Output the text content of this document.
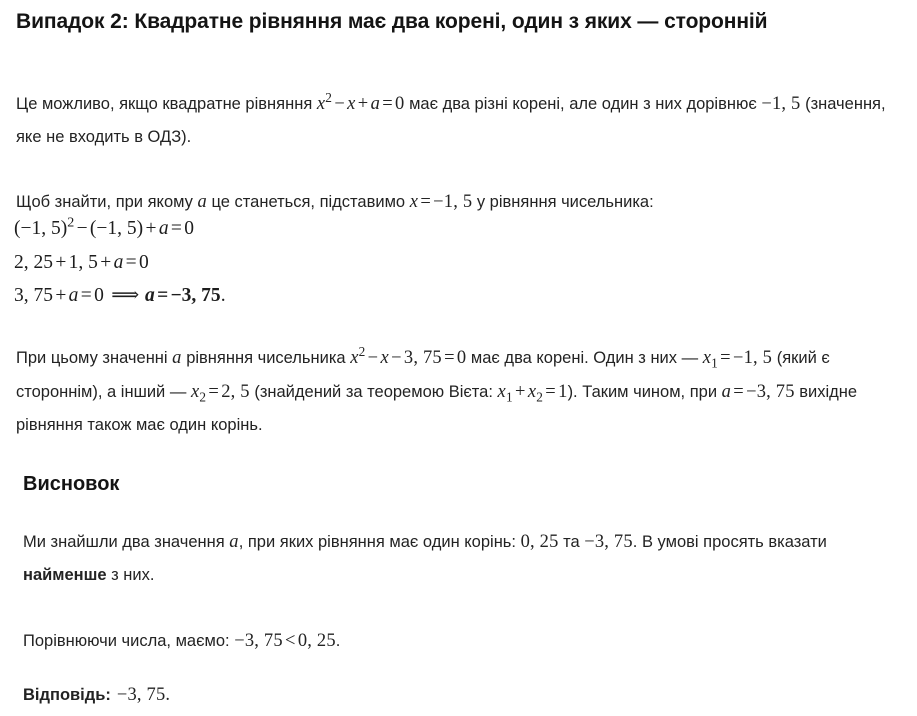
Випадок 2: Квадратне рівняння має два корені, один з яких — сторонній

Це можливо, якщо квадратне рівняння $x^2 - x + a = 0$ має два різні корені, але один з них дорівнює −1, 5 (значення, яке не входить в ОДЗ).

Щоб знайти, при якому a це станеться, підставимо x = −1, 5 у рівняння чисельника:

(−1, 5)$^2$ − (−1, 5) + a = 0
2, 25 + 1, 5 + a = 0
3, 75 + a = 0 ⟹ a = −3, 75.

При цьому значенні a рівняння чисельника $x^2 - x - 3$, 75 = 0 має два корені. Один з них — $x_1 = -1$, 5 (який є стороннім), а інший — $x_2 = 2$, 5 (знайдений за теоремою Вієта: $x_1 + x_2 = 1$). Таким чином, при a = −3, 75 вихідне рівняння також має один корінь.

Висновок

Ми знайшли два значення a, при яких рівняння має один корінь: 0, 25 та −3, 75. В умові просять вказати найменше з них.

Порівнюючи числа, маємо: −3, 75 < 0, 25.

Відповідь: −3, 75.
